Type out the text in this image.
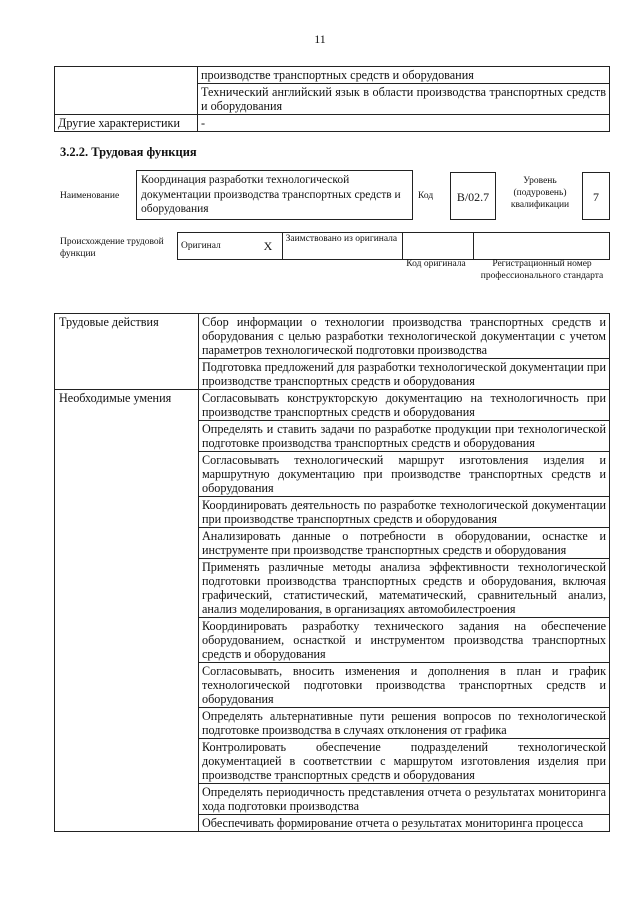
11
	производстве транспортных средств и оборудования
	Технический английский язык в области производства транспортных средств и оборудования
Другие характеристики	-
3.2.2. Трудовая функция
Наименование
Координация разработки технологической документации производства транспортных средств и оборудования
Код	B/02.7
Уровень (подуровень) квалификации
7
Происхождение трудовой функции
Оригинал	X	Заимствовано из оригинала		
Код оригинала	Регистрационный номер профессионального стандарта
Трудовые действия	Сбор информации о технологии производства транспортных средств и оборудования с целью разработки технологической документации с учетом параметров технологической подготовки производства
	Подготовка предложений для разработки технологической документации при производстве транспортных средств и оборудования
Необходимые умения	Согласовывать конструкторскую документацию на технологичность при производстве транспортных средств и оборудования
	Определять и ставить задачи по разработке продукции при технологической подготовке производства транспортных средств и оборудования
	Согласовывать технологический маршрут изготовления изделия и маршрутную документацию при производстве транспортных средств и оборудования
	Координировать деятельность по разработке технологической документации при производстве транспортных средств и оборудования
	Анализировать данные о потребности в оборудовании, оснастке и инструменте при производстве транспортных средств и оборудования
	Применять различные методы анализа эффективности технологической подготовки производства транспортных средств и оборудования, включая графический, статистический, математический, сравнительный анализ, анализ моделирования, в организациях автомобилестроения
	Координировать разработку технического задания на обеспечение оборудованием, оснасткой и инструментом производства транспортных средств и оборудования
	Согласовывать, вносить изменения и дополнения в план и график технологической подготовки производства транспортных средств и оборудования
	Определять альтернативные пути решения вопросов по технологической подготовке производства в случаях отклонения от графика
	Контролировать обеспечение подразделений технологической документацией в соответствии с маршрутом изготовления изделия при производстве транспортных средств и оборудования
	Определять периодичность представления отчета о результатах мониторинга хода подготовки производства
	Обеспечивать формирование отчета о результатах мониторинга процесса
